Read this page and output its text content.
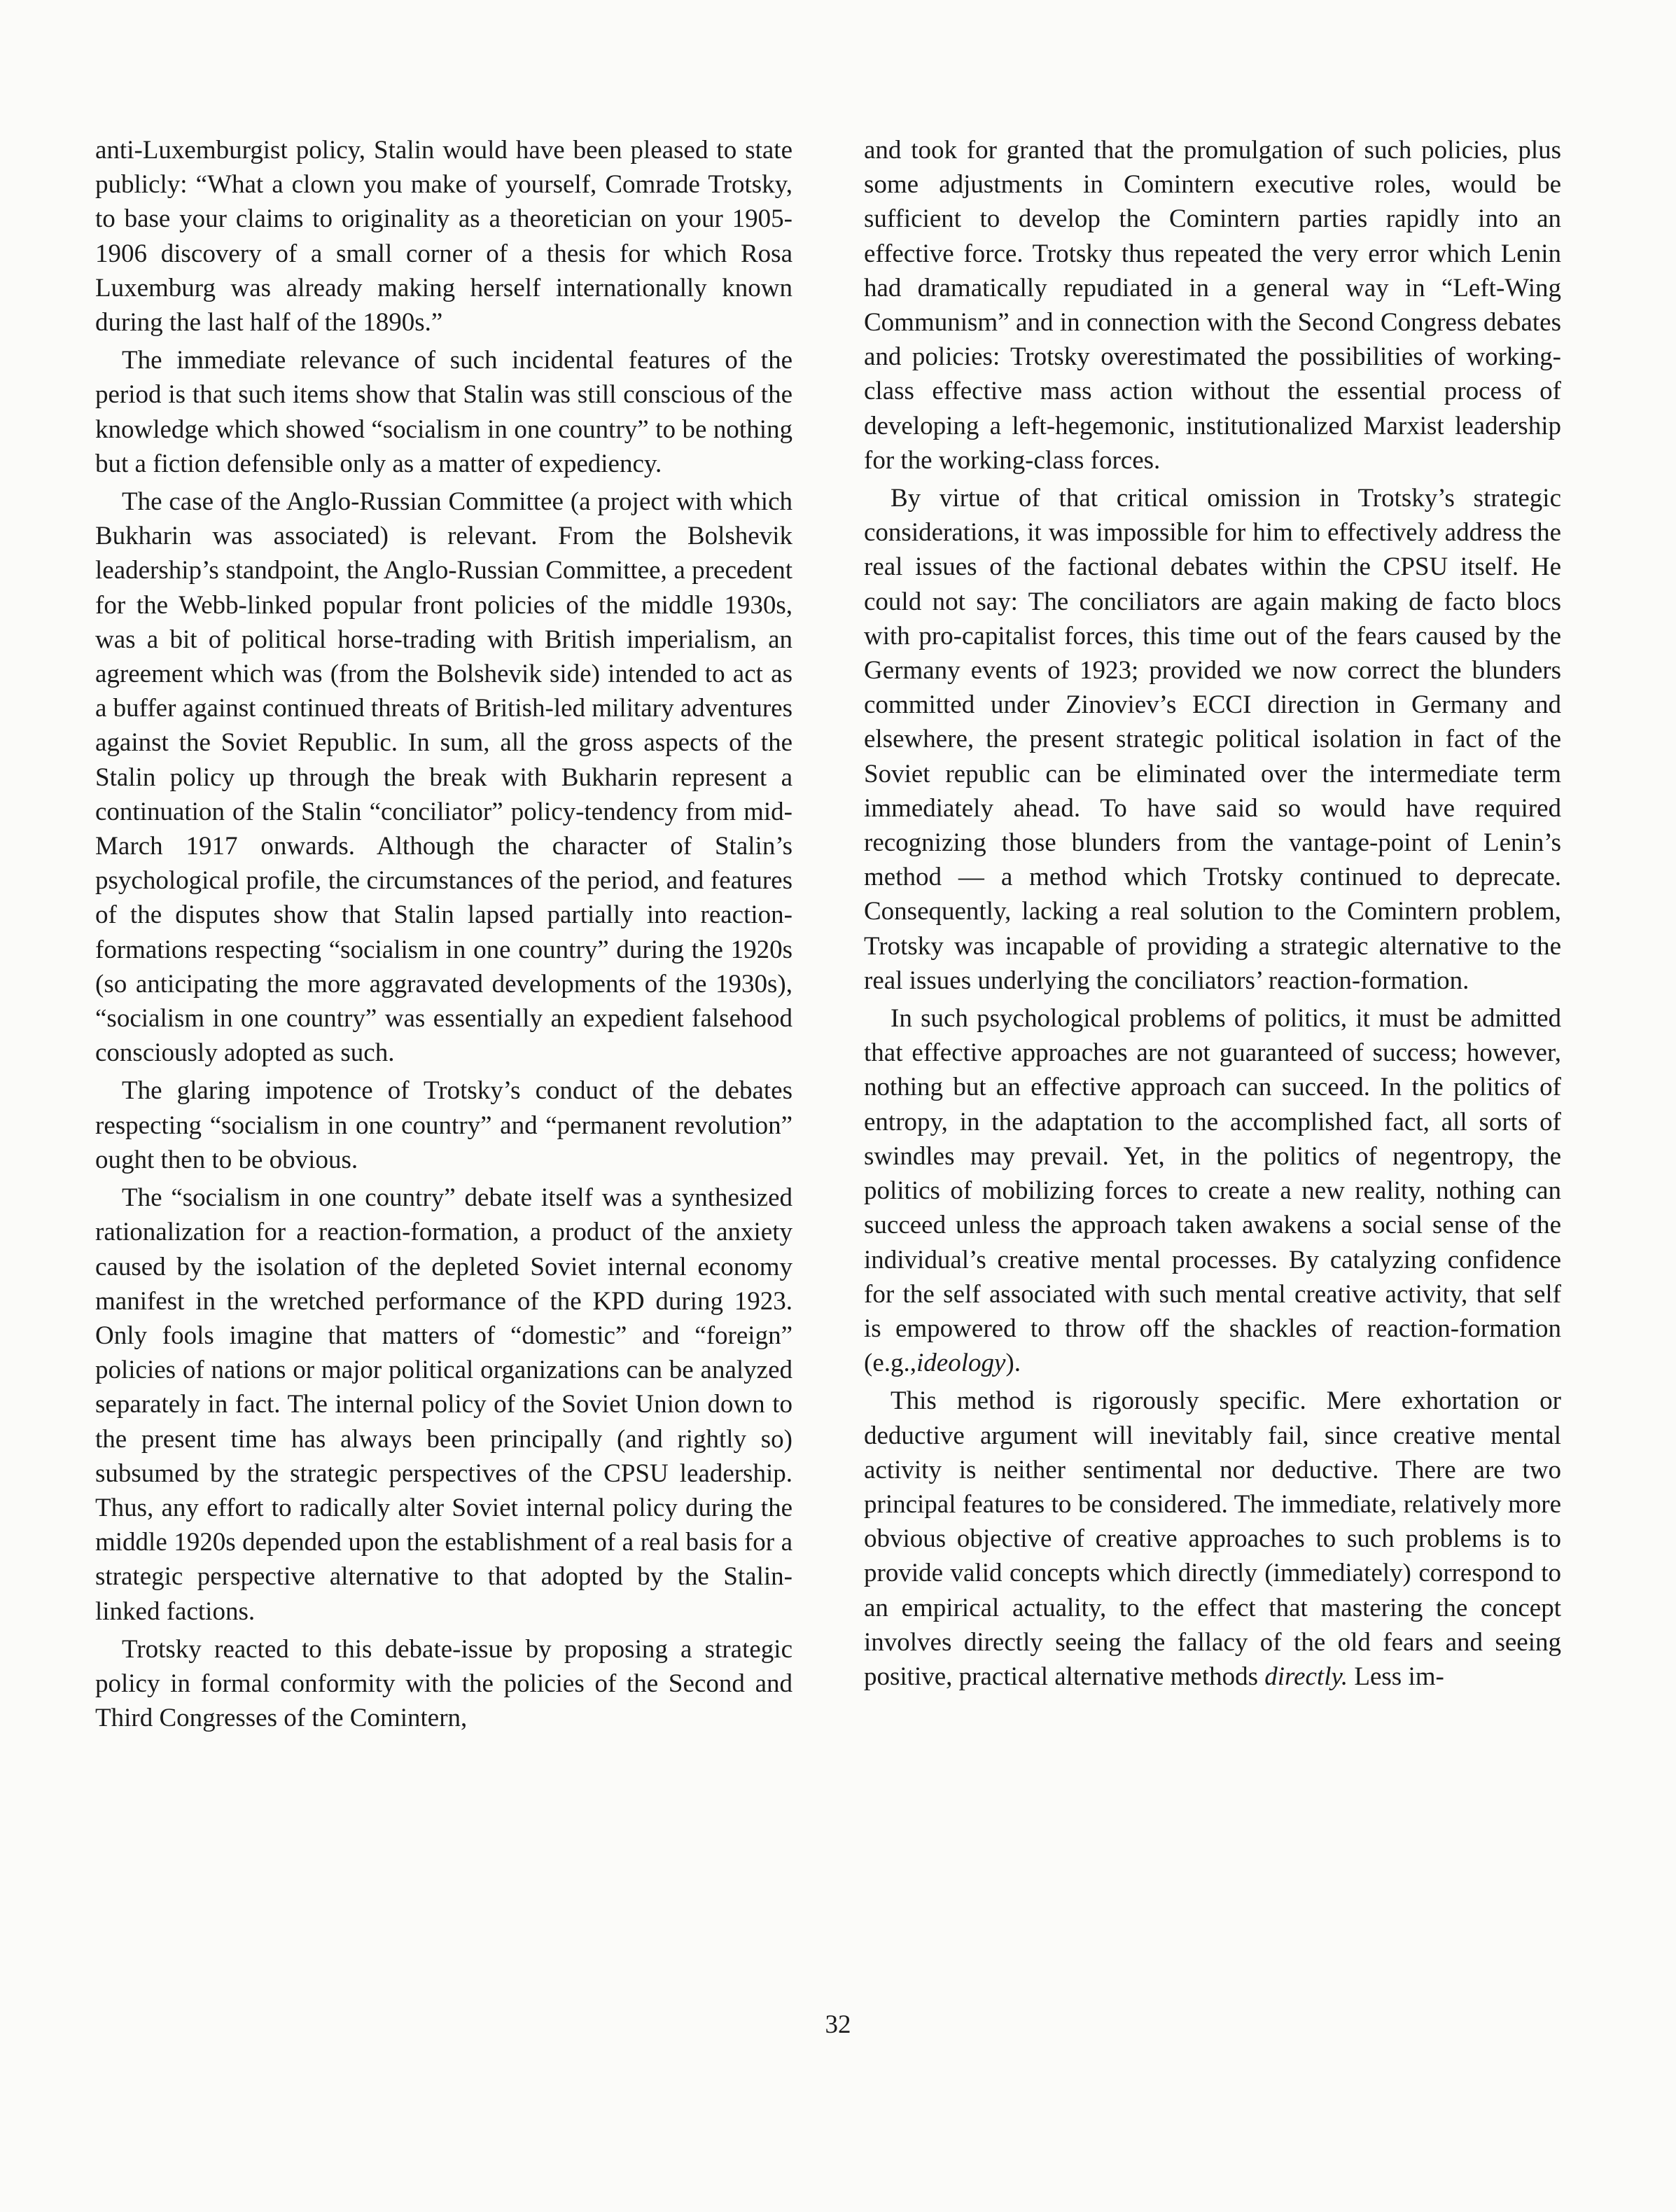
anti-Luxemburgist policy, Stalin would have been pleased to state publicly: “What a clown you make of yourself, Comrade Trotsky, to base your claims to originality as a theoretician on your 1905-1906 discovery of a small corner of a thesis for which Rosa Luxemburg was already making herself internationally known during the last half of the 1890s.”

The immediate relevance of such incidental features of the period is that such items show that Stalin was still conscious of the knowledge which showed “socialism in one country” to be nothing but a fiction defensible only as a matter of expediency.

The case of the Anglo-Russian Committee (a project with which Bukharin was associated) is relevant. From the Bolshevik leadership’s standpoint, the Anglo-Russian Committee, a precedent for the Webb-linked popular front policies of the middle 1930s, was a bit of political horse-trading with British imperialism, an agreement which was (from the Bolshevik side) intended to act as a buffer against continued threats of British-led military adventures against the Soviet Republic. In sum, all the gross aspects of the Stalin policy up through the break with Bukharin represent a continuation of the Stalin “conciliator” policy-tendency from mid-March 1917 onwards. Although the character of Stalin’s psychological profile, the circumstances of the period, and features of the disputes show that Stalin lapsed partially into reaction-formations respecting “socialism in one country” during the 1920s (so anticipating the more aggravated developments of the 1930s), “socialism in one country” was essentially an expedient falsehood consciously adopted as such.

The glaring impotence of Trotsky’s conduct of the debates respecting “socialism in one country” and “permanent revolution” ought then to be obvious.

The “socialism in one country” debate itself was a synthesized rationalization for a reaction-formation, a product of the anxiety caused by the isolation of the depleted Soviet internal economy manifest in the wretched performance of the KPD during 1923. Only fools imagine that matters of “domestic” and “foreign” policies of nations or major political organizations can be analyzed separately in fact. The internal policy of the Soviet Union down to the present time has always been principally (and rightly so) subsumed by the strategic perspectives of the CPSU leadership. Thus, any effort to radically alter Soviet internal policy during the middle 1920s depended upon the establishment of a real basis for a strategic perspective alternative to that adopted by the Stalin-linked factions.

Trotsky reacted to this debate-issue by proposing a strategic policy in formal conformity with the policies of the Second and Third Congresses of the Comintern,

and took for granted that the promulgation of such policies, plus some adjustments in Comintern executive roles, would be sufficient to develop the Comintern parties rapidly into an effective force. Trotsky thus repeated the very error which Lenin had dramatically repudiated in a general way in “Left-Wing Communism” and in connection with the Second Congress debates and policies: Trotsky overestimated the possibilities of working-class effective mass action without the essential process of developing a left-hegemonic, institutionalized Marxist leadership for the working-class forces.

By virtue of that critical omission in Trotsky’s strategic considerations, it was impossible for him to effectively address the real issues of the factional debates within the CPSU itself. He could not say: The conciliators are again making de facto blocs with pro-capitalist forces, this time out of the fears caused by the Germany events of 1923; provided we now correct the blunders committed under Zinoviev’s ECCI direction in Germany and elsewhere, the present strategic political isolation in fact of the Soviet republic can be eliminated over the intermediate term immediately ahead. To have said so would have required recognizing those blunders from the vantage-point of Lenin’s method — a method which Trotsky continued to deprecate. Consequently, lacking a real solution to the Comintern problem, Trotsky was incapable of providing a strategic alternative to the real issues underlying the conciliators’ reaction-formation.

In such psychological problems of politics, it must be admitted that effective approaches are not guaranteed of success; however, nothing but an effective approach can succeed. In the politics of entropy, in the adaptation to the accomplished fact, all sorts of swindles may prevail. Yet, in the politics of negentropy, the politics of mobilizing forces to create a new reality, nothing can succeed unless the approach taken awakens a social sense of the individual’s creative mental processes. By catalyzing confidence for the self associated with such mental creative activity, that self is empowered to throw off the shackles of reaction-formation (e.g.,ideology).

This method is rigorously specific. Mere exhortation or deductive argument will inevitably fail, since creative mental activity is neither sentimental nor deductive. There are two principal features to be considered. The immediate, relatively more obvious objective of creative approaches to such problems is to provide valid concepts which directly (immediately) correspond to an empirical actuality, to the effect that mastering the concept involves directly seeing the fallacy of the old fears and seeing positive, practical alternative methods directly. Less im-

32
